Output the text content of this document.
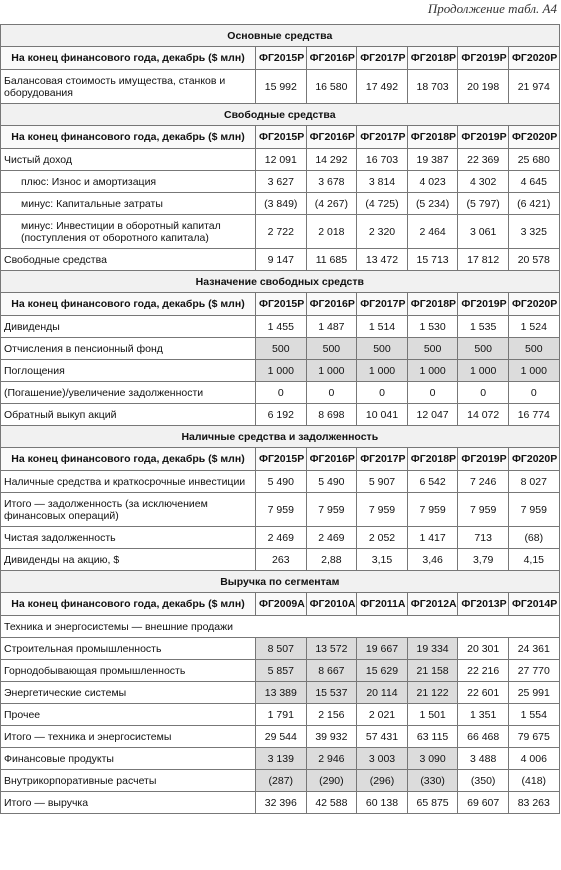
Продолжение табл. А4
Основные средства						
На конец финансового года, декабрь ($ млн)	ФГ2015Р	ФГ2016Р	ФГ2017Р	ФГ2018Р	ФГ2019Р	ФГ2020Р
Балансовая стоимость имущества, станков и оборудования	15 992	16 580	17 492	18 703	20 198	21 974
Свободные средства						
На конец финансового года, декабрь ($ млн)	ФГ2015Р	ФГ2016Р	ФГ2017Р	ФГ2018Р	ФГ2019Р	ФГ2020Р
Чистый доход	12 091	14 292	16 703	19 387	22 369	25 680
плюс: Износ и амортизация	3 627	3 678	3 814	4 023	4 302	4 645
минус: Капитальные затраты	(3 849)	(4 267)	(4 725)	(5 234)	(5 797)	(6 421)
минус: Инвестиции в оборотный капитал (поступления от оборотного капитала)	2 722	2 018	2 320	2 464	3 061	3 325
Свободные средства	9 147	11 685	13 472	15 713	17 812	20 578
Назначение свободных средств						
На конец финансового года, декабрь ($ млн)	ФГ2015Р	ФГ2016Р	ФГ2017Р	ФГ2018Р	ФГ2019Р	ФГ2020Р
Дивиденды	1 455	1 487	1 514	1 530	1 535	1 524
Отчисления в пенсионный фонд	500	500	500	500	500	500
Поглощения	1 000	1 000	1 000	1 000	1 000	1 000
(Погашение)/увеличение задолженности	0	0	0	0	0	0
Обратный выкуп акций	6 192	8 698	10 041	12 047	14 072	16 774
Наличные средства и задолженность						
На конец финансового года, декабрь ($ млн)	ФГ2015Р	ФГ2016Р	ФГ2017Р	ФГ2018Р	ФГ2019Р	ФГ2020Р
Наличные средства и краткосрочные инвестиции	5 490	5 490	5 907	6 542	7 246	8 027
Итого — задолженность (за исключением финансовых операций)	7 959	7 959	7 959	7 959	7 959	7 959
Чистая задолженность	2 469	2 469	2 052	1 417	713	(68)
Дивиденды на акцию, $	263	2,88	3,15	3,46	3,79	4,15
Выручка по сегментам						
На конец финансового года, декабрь ($ млн)	ФГ2009А	ФГ2010А	ФГ2011А	ФГ2012А	ФГ2013Р	ФГ2014Р
Техника и энергосистемы — внешние продажи						
Строительная промышленность	8 507	13 572	19 667	19 334	20 301	24 361
Горнодобывающая промышленность	5 857	8 667	15 629	21 158	22 216	27 770
Энергетические системы	13 389	15 537	20 114	21 122	22 601	25 991
Прочее	1 791	2 156	2 021	1 501	1 351	1 554
Итого — техника и энергосистемы	29 544	39 932	57 431	63 115	66 468	79 675
Финансовые продукты	3 139	2 946	3 003	3 090	3 488	4 006
Внутрикорпоративные расчеты	(287)	(290)	(296)	(330)	(350)	(418)
Итого — выручка	32 396	42 588	60 138	65 875	69 607	83 263
